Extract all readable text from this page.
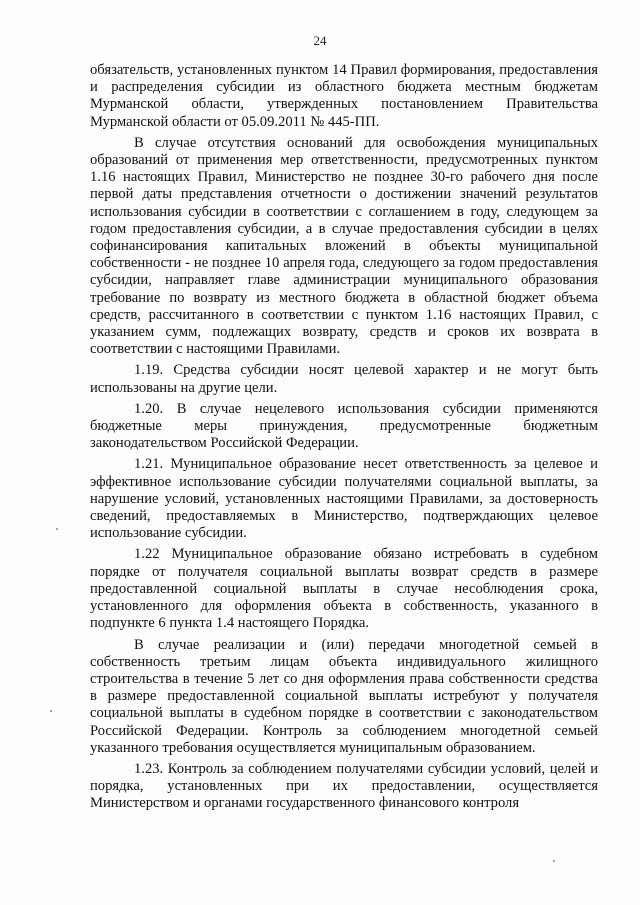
24

обязательств, установленных пунктом 14 Правил формирования, предоставления и распределения субсидии из областного бюджета местным бюджетам Мурманской области, утвержденных постановлением Правительства Мурманской области от 05.09.2011 № 445-ПП.

В случае отсутствия оснований для освобождения муниципальных образований от применения мер ответственности, предусмотренных пунктом 1.16 настоящих Правил, Министерство не позднее 30-го рабочего дня после первой даты представления отчетности о достижении значений результатов использования субсидии в соответствии с соглашением в году, следующем за годом предоставления субсидии, а в случае предоставления субсидии в целях софинансирования капитальных вложений в объекты муниципальной собственности - не позднее 10 апреля года, следующего за годом предоставления субсидии, направляет главе администрации муниципального образования требование по возврату из местного бюджета в областной бюджет объема средств, рассчитанного в соответствии с пунктом 1.16 настоящих Правил, с указанием сумм, подлежащих возврату, средств и сроков их возврата в соответствии с настоящими Правилами.

1.19. Средства субсидии носят целевой характер и не могут быть использованы на другие цели.

1.20. В случае нецелевого использования субсидии применяются бюджетные меры принуждения, предусмотренные бюджетным законодательством Российской Федерации.

1.21. Муниципальное образование несет ответственность за целевое и эффективное использование субсидии получателями социальной выплаты, за нарушение условий, установленных настоящими Правилами, за достоверность сведений, предоставляемых в Министерство, подтверждающих целевое использование субсидии.

1.22 Муниципальное образование обязано истребовать в судебном порядке от получателя социальной выплаты возврат средств в размере предоставленной социальной выплаты в случае несоблюдения срока, установленного для оформления объекта в собственность, указанного в подпункте 6 пункта 1.4 настоящего Порядка.

В случае реализации и (или) передачи многодетной семьей в собственность третьим лицам объекта индивидуального жилищного строительства в течение 5 лет со дня оформления права собственности средства в размере предоставленной социальной выплаты истребуют у получателя социальной выплаты в судебном порядке в соответствии с законодательством Российской Федерации. Контроль за соблюдением многодетной семьей указанного требования осуществляется муниципальным образованием.

1.23. Контроль за соблюдением получателями субсидии условий, целей и порядка, установленных при их предоставлении, осуществляется Министерством и органами государственного финансового контроля
